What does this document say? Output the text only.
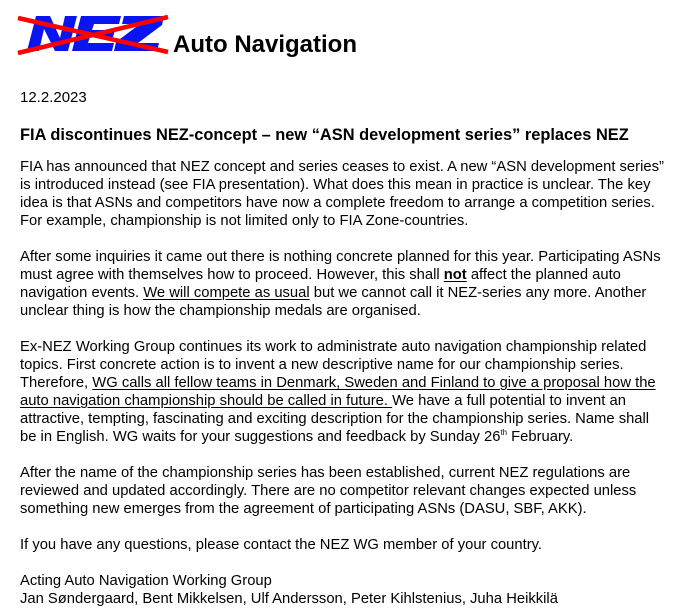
Auto Navigation
12.2.2023
FIA discontinues NEZ-concept – new “ASN development series” replaces NEZ
FIA has announced that NEZ concept and series ceases to exist. A new “ASN development series”
is introduced instead (see FIA presentation). What does this mean in practice is unclear. The key
idea is that ASNs and competitors have now a complete freedom to arrange a competition series.
For example, championship is not limited only to FIA Zone-countries.
After some inquiries it came out there is nothing concrete planned for this year. Participating ASNs
must agree with themselves how to proceed. However, this shall not affect the planned auto
navigation events. We will compete as usual but we cannot call it NEZ-series any more. Another
unclear thing is how the championship medals are organised.
Ex-NEZ Working Group continues its work to administrate auto navigation championship related
topics. First concrete action is to invent a new descriptive name for our championship series.
Therefore, WG calls all fellow teams in Denmark, Sweden and Finland to give a proposal how the
auto navigation championship should be called in future. We have a full potential to invent an
attractive, tempting, fascinating and exciting description for the championship series. Name shall
be in English. WG waits for your suggestions and feedback by Sunday 26th February.
After the name of the championship series has been established, current NEZ regulations are
reviewed and updated accordingly. There are no competitor relevant changes expected unless
something new emerges from the agreement of participating ASNs (DASU, SBF, AKK).
If you have any questions, please contact the NEZ WG member of your country.
Acting Auto Navigation Working Group
Jan Søndergaard, Bent Mikkelsen, Ulf Andersson, Peter Kihlstenius, Juha Heikkilä
